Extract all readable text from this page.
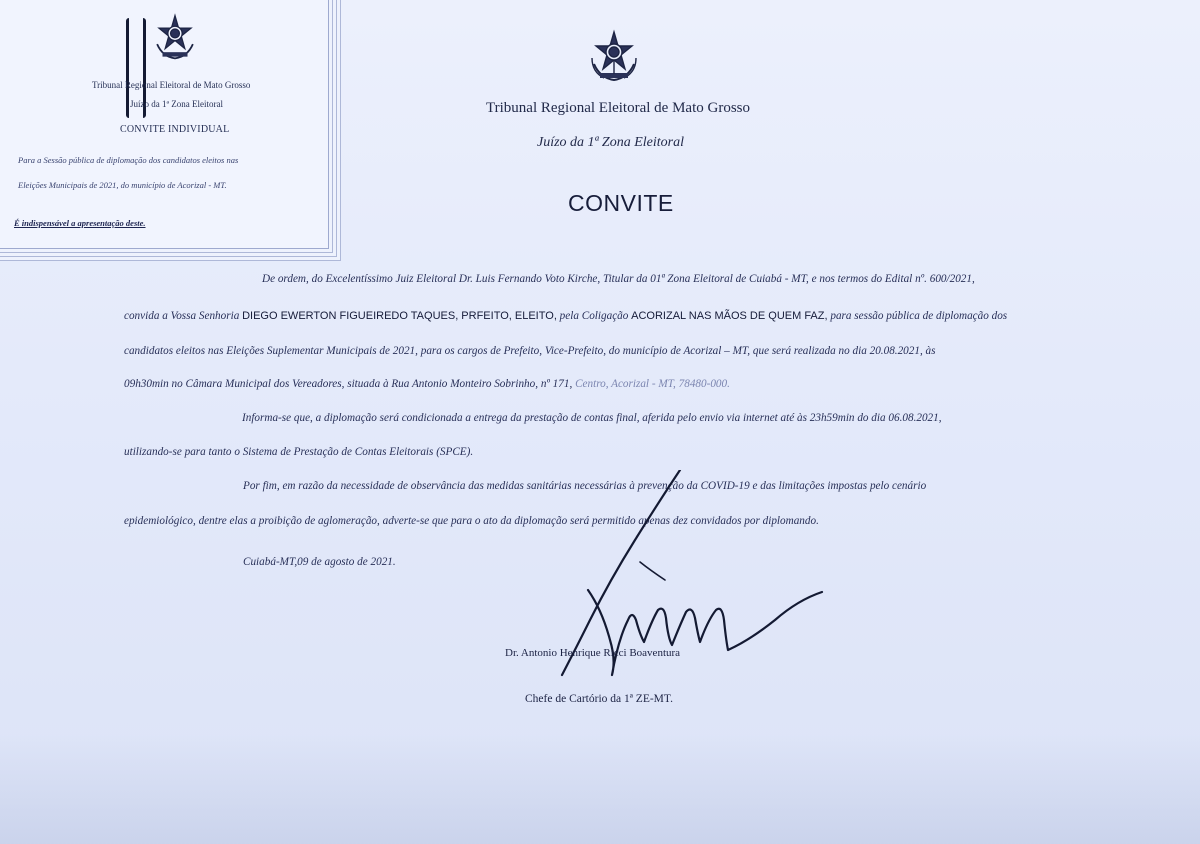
Tribunal Regional Eleitoral de Mato Grosso
Juízo da 1ª Zona Eleitoral
CONVITE
De ordem, do Excelentíssimo Juiz Eleitoral Dr. Luis Fernando Voto Kirche, Titular da 01ª Zona Eleitoral de Cuiabá - MT, e nos termos do Edital nº. 600/2021,
convida a Vossa Senhoria DIEGO EWERTON FIGUEIREDO TAQUES, PRFEITO, ELEITO, pela Coligação ACORIZAL NAS MÃOS DE QUEM FAZ, para sessão pública de diplomação dos
candidatos eleitos nas Eleições Suplementar Municipais de 2021, para os cargos de Prefeito, Vice-Prefeito, do município de Acorizal – MT, que será realizada no dia 20.08.2021, às
09h30min no Câmara Municipal dos Vereadores, situada à Rua Antonio Monteiro Sobrinho, nº 171, Centro, Acorizal - MT, 78480-000.
Informa-se que, a diplomação será condicionada a entrega da prestação de contas final, aferida pelo envio via internet até às 23h59min do dia 06.08.2021,
utilizando-se para tanto o Sistema de Prestação de Contas Eleitorais (SPCE).
Por fim, em razão da necessidade de observância das medidas sanitárias necessárias à prevenção da COVID-19 e das limitações impostas pelo cenário
epidemiológico, dentre elas a proibição de aglomeração, adverte-se que para o ato da diplomação será permitido apenas dez convidados por diplomando.
Cuiabá-MT,09 de agosto de 2021.
Dr. Antonio Henrique Ricci Boaventura
Chefe de Cartório da 1ª ZE-MT.
Tribunal Regional Eleitoral de Mato Grosso
Juízo da 1ª Zona Eleitoral
CONVITE INDIVIDUAL
Para a Sessão pública de diplomação dos candidatos eleitos nas
Eleições Municipais de 2021, do município de Acorizal - MT.
É indispensável a apresentação deste.
